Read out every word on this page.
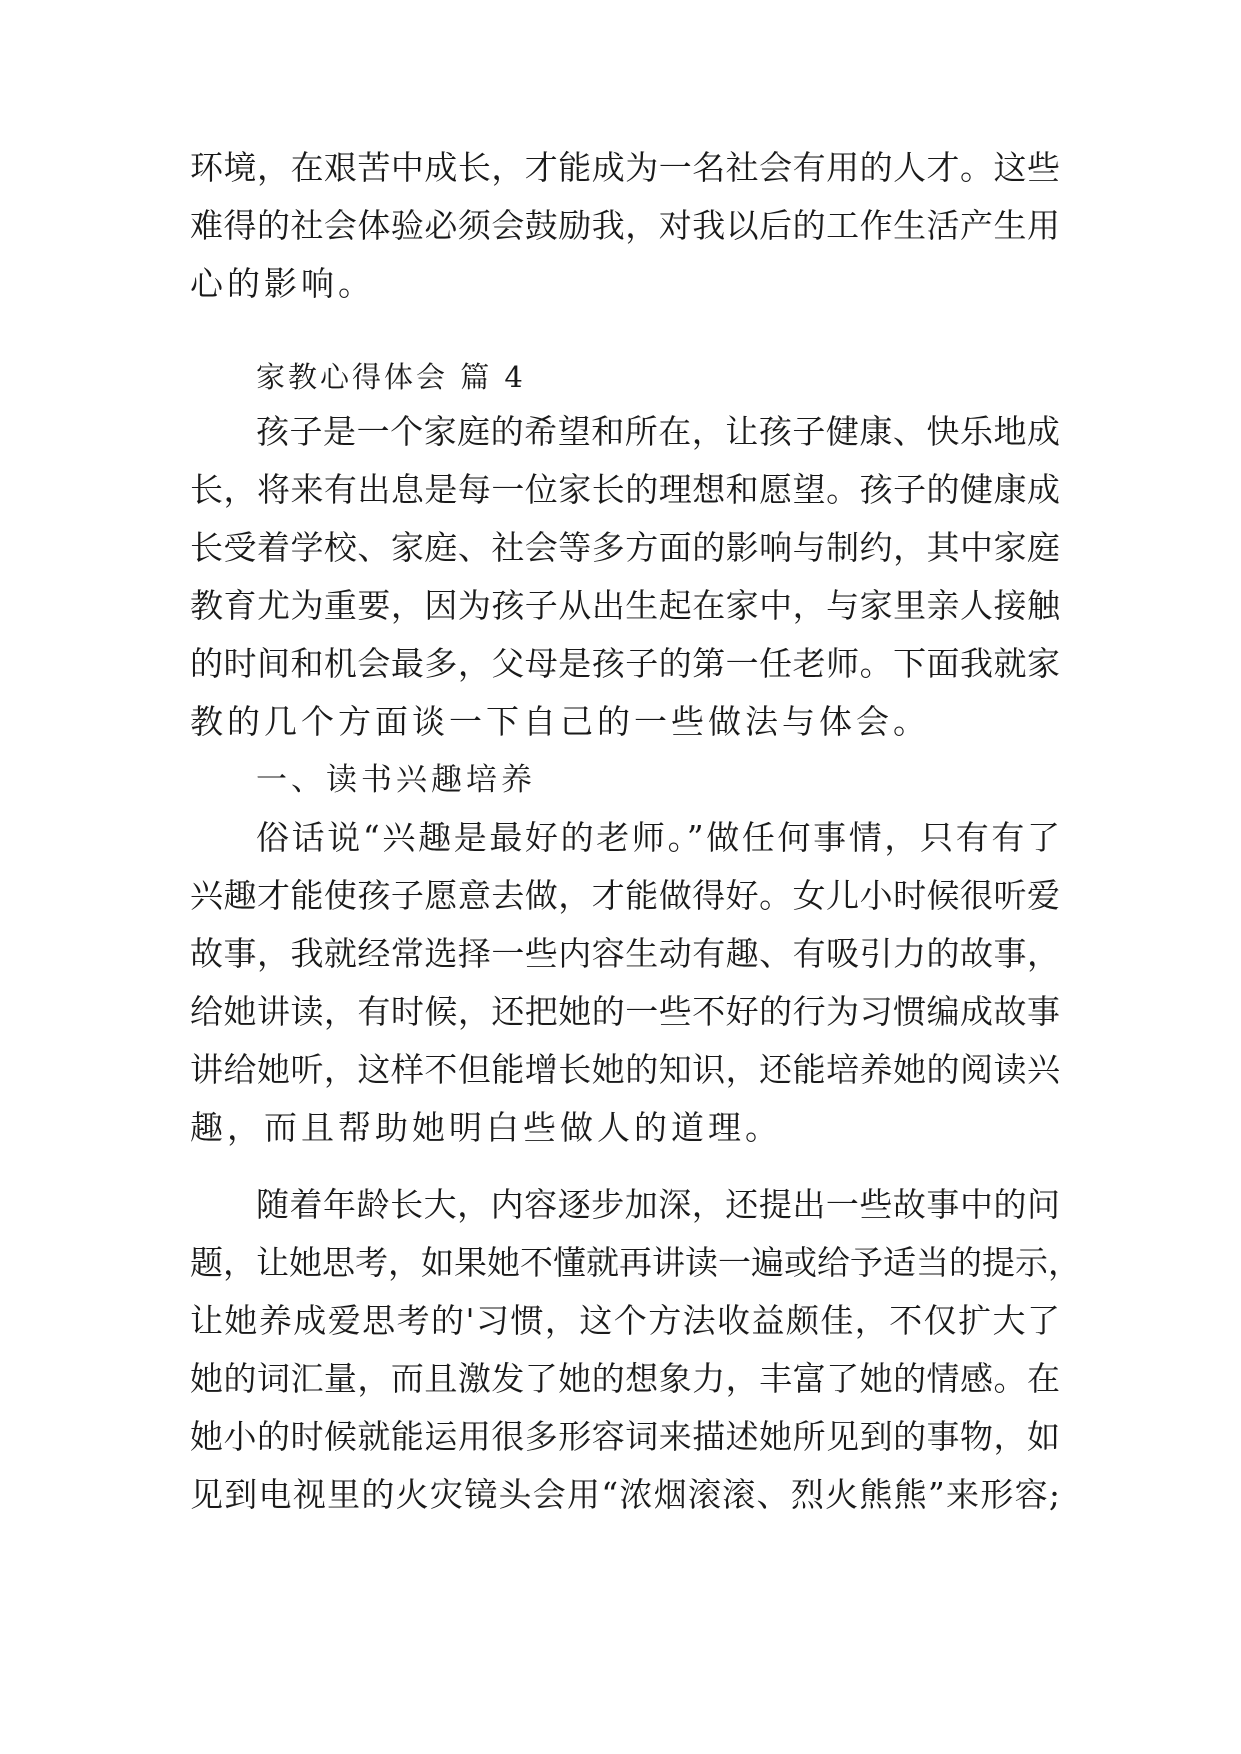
环境，在艰苦中成长，才能成为一名社会有用的人才。这些
难得的社会体验必须会鼓励我，对我以后的工作生活产生用
心的影响。
家教心得体会 篇 4
孩子是一个家庭的希望和所在，让孩子健康、快乐地成
长，将来有出息是每一位家长的理想和愿望。孩子的健康成
长受着学校、家庭、社会等多方面的影响与制约，其中家庭
教育尤为重要，因为孩子从出生起在家中，与家里亲人接触
的时间和机会最多，父母是孩子的第一任老师。下面我就家
教的几个方面谈一下自己的一些做法与体会。
一、读书兴趣培养
俗话说“兴趣是最好的老师。”做任何事情，只有有了
兴趣才能使孩子愿意去做，才能做得好。女儿小时候很听爱
故事，我就经常选择一些内容生动有趣、有吸引力的故事，
给她讲读，有时候，还把她的一些不好的行为习惯编成故事
讲给她听，这样不但能增长她的知识，还能培养她的阅读兴
趣，而且帮助她明白些做人的道理。
随着年龄长大，内容逐步加深，还提出一些故事中的问
题，让她思考，如果她不懂就再讲读一遍或给予适当的提示，
让她养成爱思考的'习惯，这个方法收益颇佳，不仅扩大了
她的词汇量，而且激发了她的想象力，丰富了她的情感。在
她小的时候就能运用很多形容词来描述她所见到的事物，如
见到电视里的火灾镜头会用“浓烟滚滚、烈火熊熊”来形容;
